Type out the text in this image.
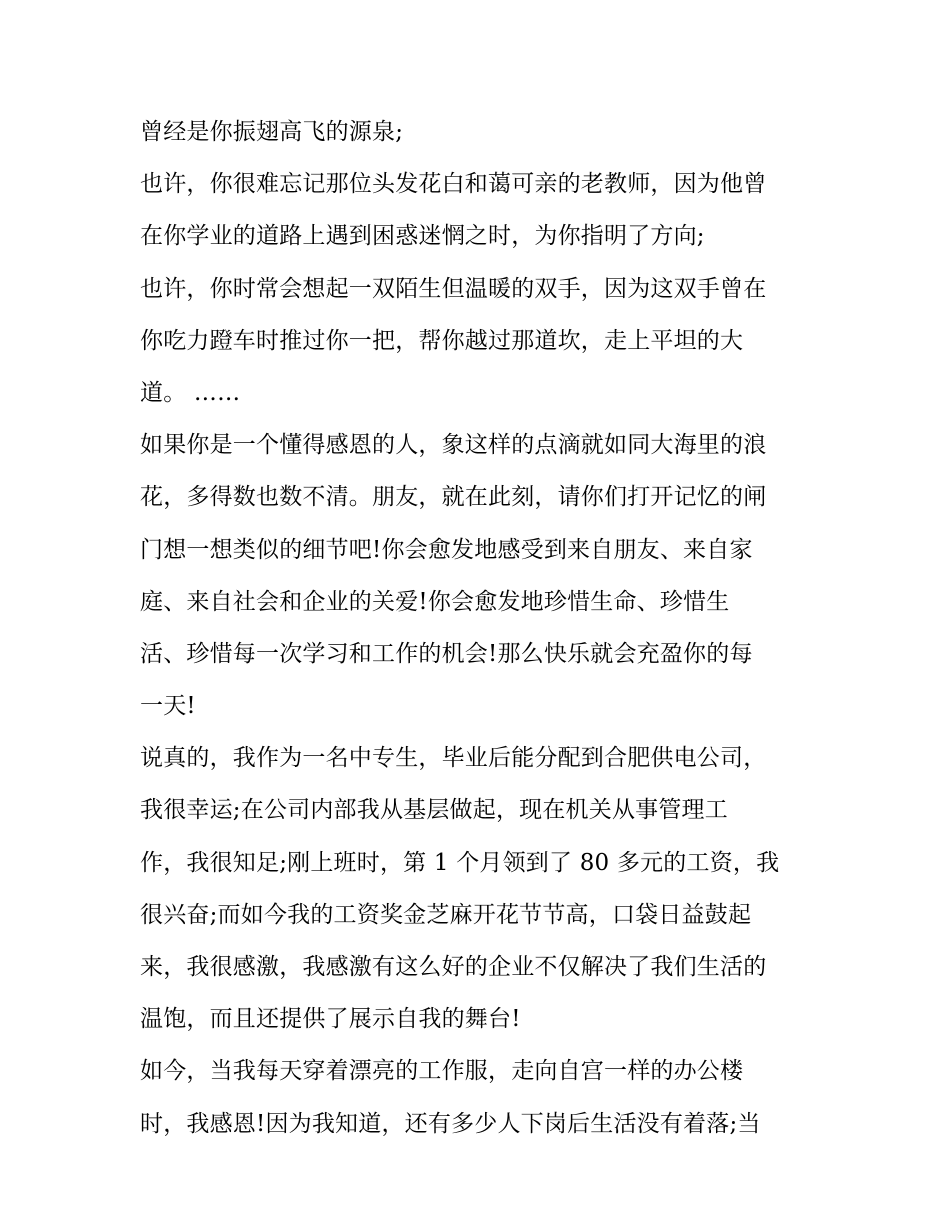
曾经是你振翅高飞的源泉;
也许，你很难忘记那位头发花白和蔼可亲的老教师，因为他曾
在你学业的道路上遇到困惑迷惘之时，为你指明了方向;
也许，你时常会想起一双陌生但温暖的双手，因为这双手曾在
你吃力蹬车时推过你一把，帮你越过那道坎，走上平坦的大
道。 ……
如果你是一个懂得感恩的人，象这样的点滴就如同大海里的浪
花，多得数也数不清。朋友，就在此刻，请你们打开记忆的闸
门想一想类似的细节吧!你会愈发地感受到来自朋友、来自家
庭、来自社会和企业的关爱!你会愈发地珍惜生命、珍惜生
活、珍惜每一次学习和工作的机会!那么快乐就会充盈你的每
一天!
说真的，我作为一名中专生，毕业后能分配到合肥供电公司，
我很幸运;在公司内部我从基层做起，现在机关从事管理工
作，我很知足;刚上班时，第 1 个月领到了 80 多元的工资，我
很兴奋;而如今我的工资奖金芝麻开花节节高，口袋日益鼓起
来，我很感激，我感激有这么好的企业不仅解决了我们生活的
温饱，而且还提供了展示自我的舞台!
如今，当我每天穿着漂亮的工作服，走向自宫一样的办公楼
时，我感恩!因为我知道，还有多少人下岗后生活没有着落;当
